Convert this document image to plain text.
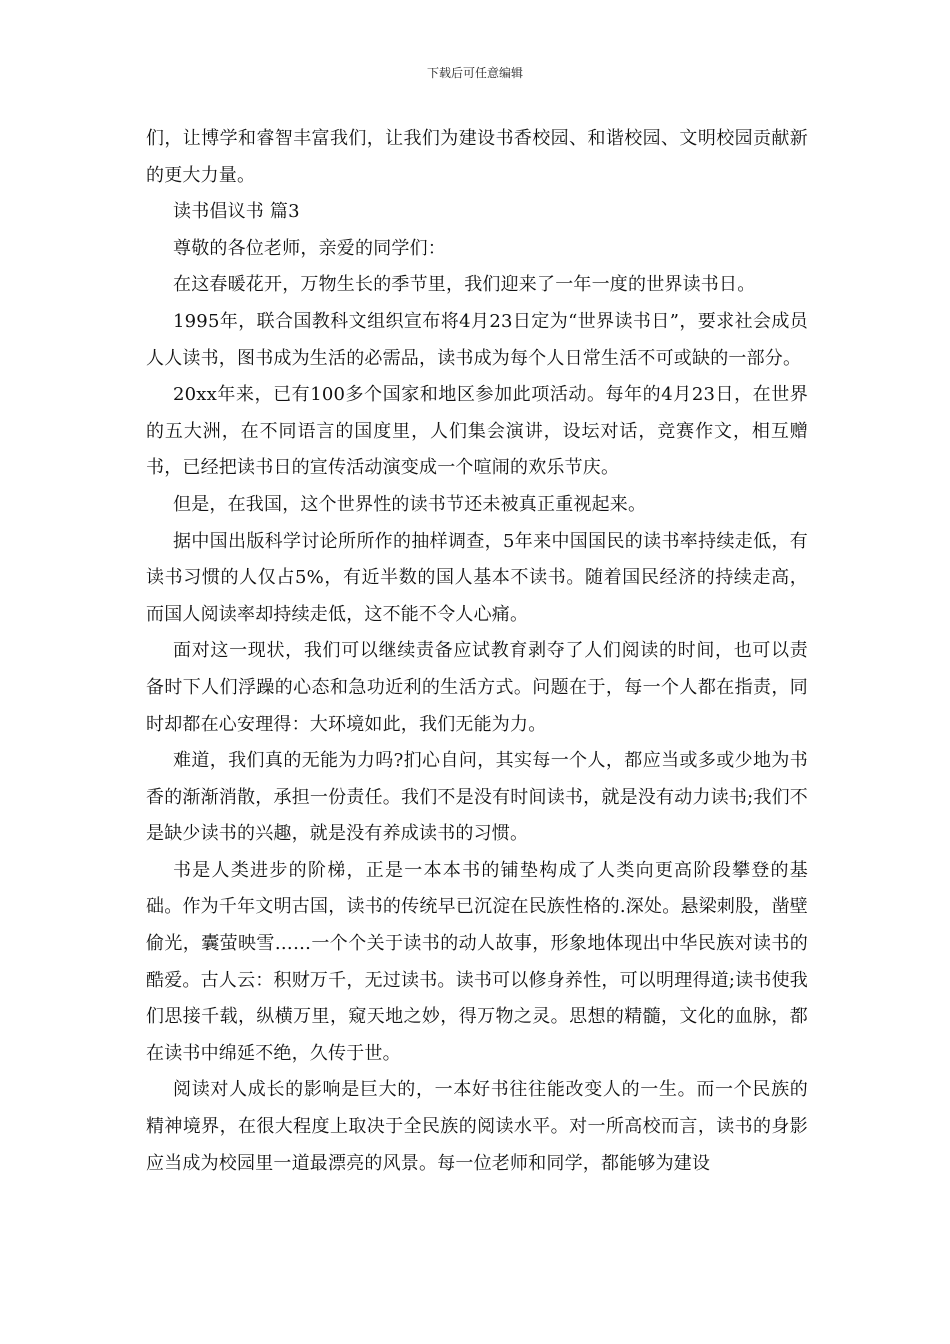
下载后可任意编辑

们，让博学和睿智丰富我们，让我们为建设书香校园、和谐校园、文明校园贡献新的更大力量。

读书倡议书 篇3

尊敬的各位老师，亲爱的同学们：

在这春暖花开，万物生长的季节里，我们迎来了一年一度的世界读书日。

1995年，联合国教科文组织宣布将4月23日定为“世界读书日”，要求社会成员人人读书，图书成为生活的必需品，读书成为每个人日常生活不可或缺的一部分。

20xx年来，已有100多个国家和地区参加此项活动。每年的4月23日，在世界的五大洲，在不同语言的国度里，人们集会演讲，设坛对话，竞赛作文，相互赠书，已经把读书日的宣传活动演变成一个喧闹的欢乐节庆。

但是，在我国，这个世界性的读书节还未被真正重视起来。

据中国出版科学讨论所所作的抽样调查，5年来中国国民的读书率持续走低，有读书习惯的人仅占5%，有近半数的国人基本不读书。随着国民经济的持续走高，而国人阅读率却持续走低，这不能不令人心痛。

面对这一现状，我们可以继续责备应试教育剥夺了人们阅读的时间，也可以责备时下人们浮躁的心态和急功近利的生活方式。问题在于，每一个人都在指责，同时却都在心安理得：大环境如此，我们无能为力。

难道，我们真的无能为力吗?扪心自问，其实每一个人，都应当或多或少地为书香的渐渐消散，承担一份责任。我们不是没有时间读书，就是没有动力读书;我们不是缺少读书的兴趣，就是没有养成读书的习惯。

书是人类进步的阶梯，正是一本本书的铺垫构成了人类向更高阶段攀登的基础。作为千年文明古国，读书的传统早已沉淀在民族性格的.深处。悬梁刺股，凿壁偷光，囊萤映雪……一个个关于读书的动人故事，形象地体现出中华民族对读书的酷爱。古人云：积财万千，无过读书。读书可以修身养性，可以明理得道;读书使我们思接千载，纵横万里，窥天地之妙，得万物之灵。思想的精髓，文化的血脉，都在读书中绵延不绝，久传于世。

阅读对人成长的影响是巨大的，一本好书往往能改变人的一生。而一个民族的精神境界，在很大程度上取决于全民族的阅读水平。对一所高校而言，读书的身影应当成为校园里一道最漂亮的风景。每一位老师和同学，都能够为建设
